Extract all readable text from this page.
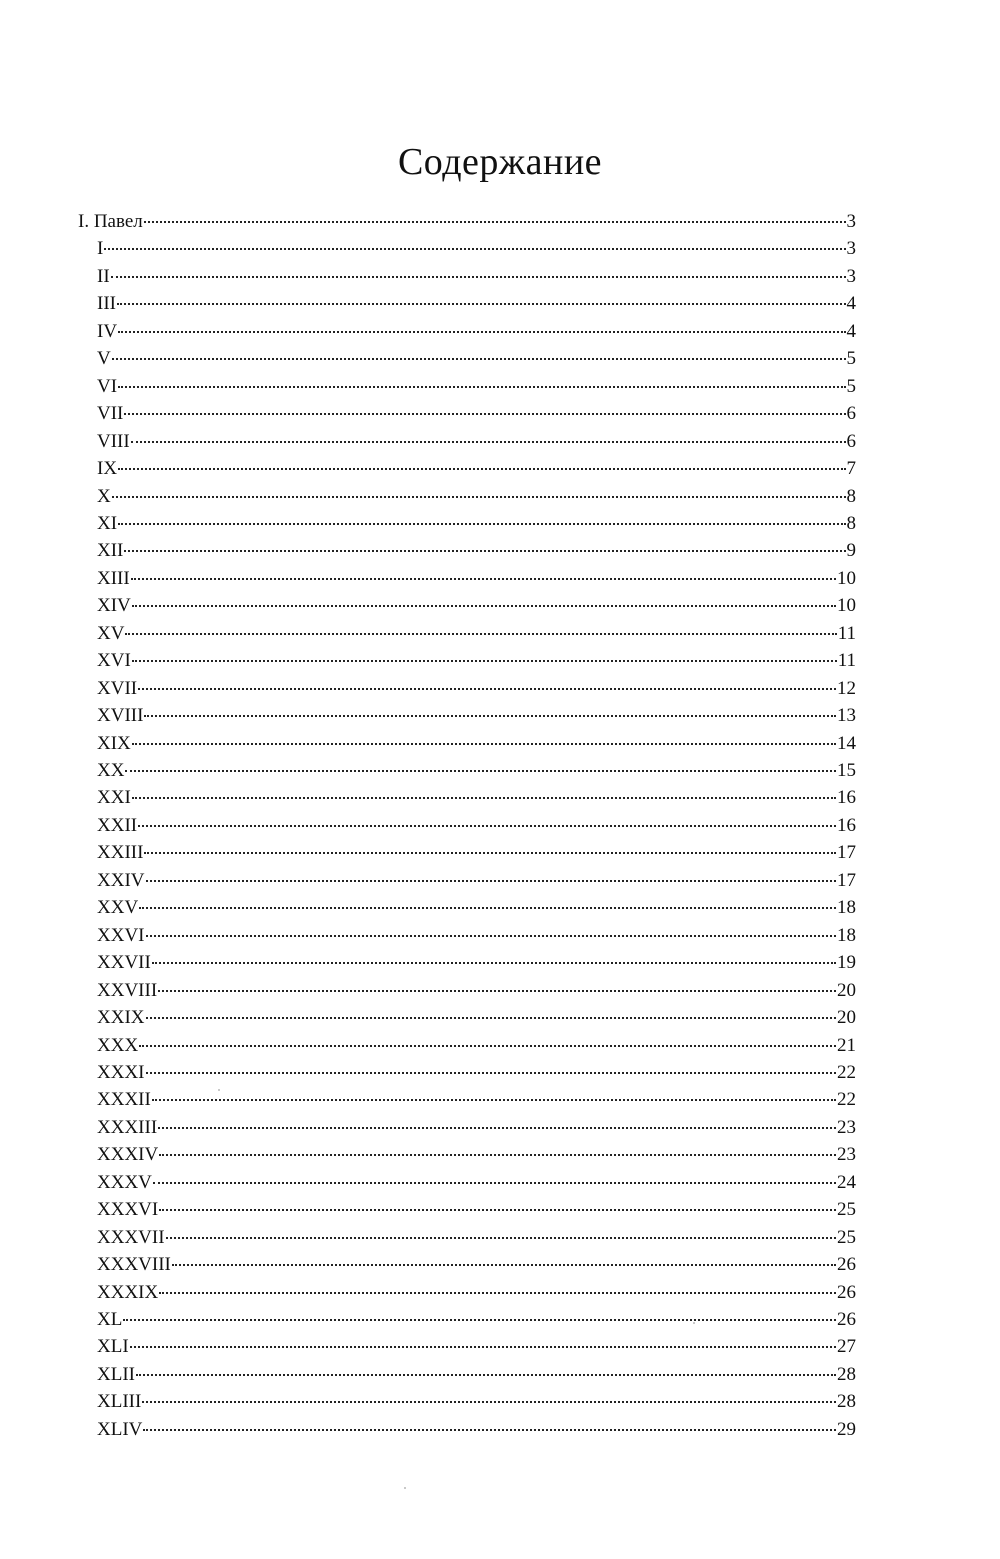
Содержание
I. Павел	3
I	3
II	3
III	4
IV	4
V	5
VI	5
VII	6
VIII	6
IX	7
X	8
XI	8
XII	9
XIII	10
XIV	10
XV	11
XVI	11
XVII	12
XVIII	13
XIX	14
XX	15
XXI	16
XXII	16
XXIII	17
XXIV	17
XXV	18
XXVI	18
XXVII	19
XXVIII	20
XXIX	20
XXX	21
XXXI	22
XXXII	22
XXXIII	23
XXXIV	23
XXXV	24
XXXVI	25
XXXVII	25
XXXVIII	26
XXXIX	26
XL	26
XLI	27
XLII	28
XLIII	28
XLIV	29
